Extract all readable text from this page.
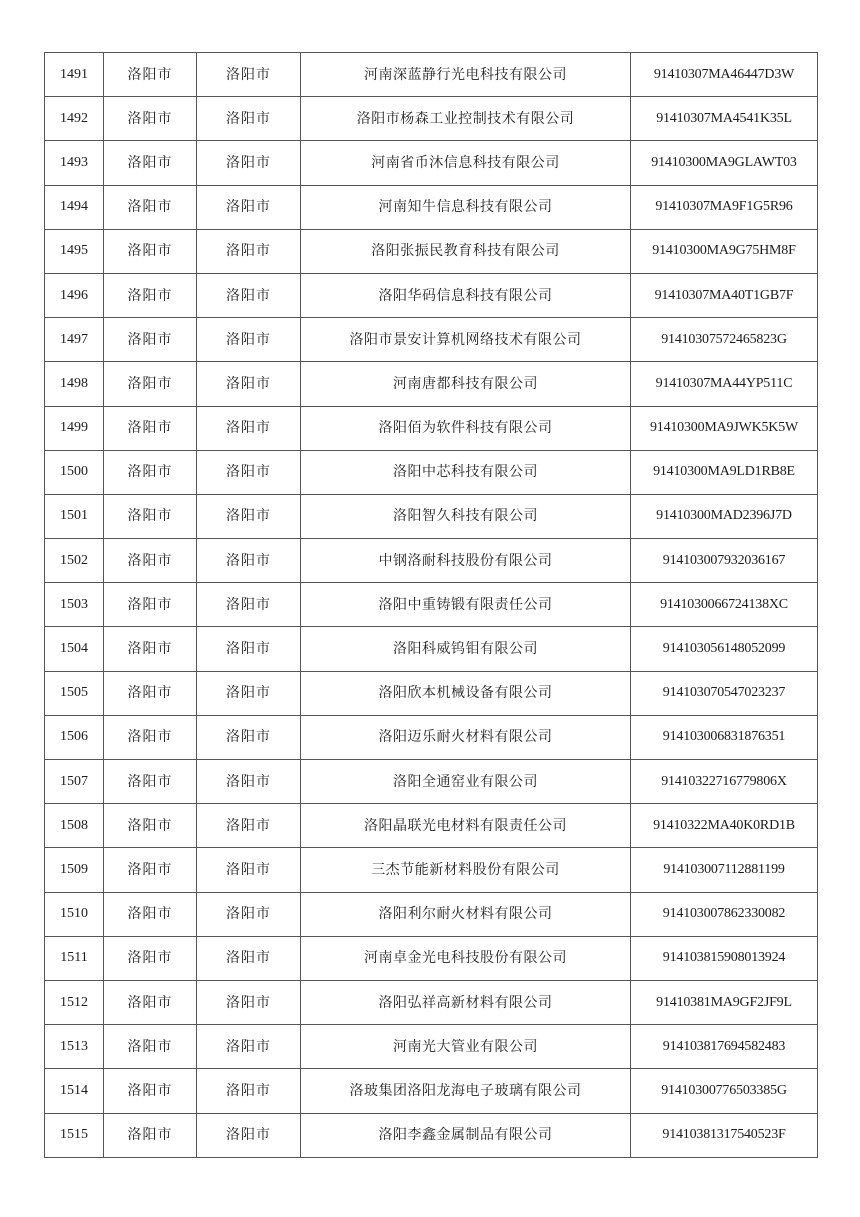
1491	洛阳市	洛阳市	河南深蓝静行光电科技有限公司	91410307MA46447D3W
1492	洛阳市	洛阳市	洛阳市杨森工业控制技术有限公司	91410307MA4541K35L
1493	洛阳市	洛阳市	河南省币沐信息科技有限公司	91410300MA9GLAWT03
1494	洛阳市	洛阳市	河南知牛信息科技有限公司	91410307MA9F1G5R96
1495	洛阳市	洛阳市	洛阳张振民教育科技有限公司	91410300MA9G75HM8F
1496	洛阳市	洛阳市	洛阳华码信息科技有限公司	91410307MA40T1GB7F
1497	洛阳市	洛阳市	洛阳市景安计算机网络技术有限公司	91410307572465823G
1498	洛阳市	洛阳市	河南唐都科技有限公司	91410307MA44YP511C
1499	洛阳市	洛阳市	洛阳佰为软件科技有限公司	91410300MA9JWK5K5W
1500	洛阳市	洛阳市	洛阳中芯科技有限公司	91410300MA9LD1RB8E
1501	洛阳市	洛阳市	洛阳智久科技有限公司	91410300MAD2396J7D
1502	洛阳市	洛阳市	中钢洛耐科技股份有限公司	914103007932036167
1503	洛阳市	洛阳市	洛阳中重铸锻有限责任公司	9141030066724138XC
1504	洛阳市	洛阳市	洛阳科威钨钼有限公司	914103056148052099
1505	洛阳市	洛阳市	洛阳欣本机械设备有限公司	914103070547023237
1506	洛阳市	洛阳市	洛阳迈乐耐火材料有限公司	914103006831876351
1507	洛阳市	洛阳市	洛阳全通窑业有限公司	91410322716779806X
1508	洛阳市	洛阳市	洛阳晶联光电材料有限责任公司	91410322MA40K0RD1B
1509	洛阳市	洛阳市	三杰节能新材料股份有限公司	914103007112881199
1510	洛阳市	洛阳市	洛阳利尔耐火材料有限公司	914103007862330082
1511	洛阳市	洛阳市	河南卓金光电科技股份有限公司	914103815908013924
1512	洛阳市	洛阳市	洛阳弘祥高新材料有限公司	91410381MA9GF2JF9L
1513	洛阳市	洛阳市	河南光大管业有限公司	914103817694582483
1514	洛阳市	洛阳市	洛玻集团洛阳龙海电子玻璃有限公司	91410300776503385G
1515	洛阳市	洛阳市	洛阳李鑫金属制品有限公司	91410381317540523F
